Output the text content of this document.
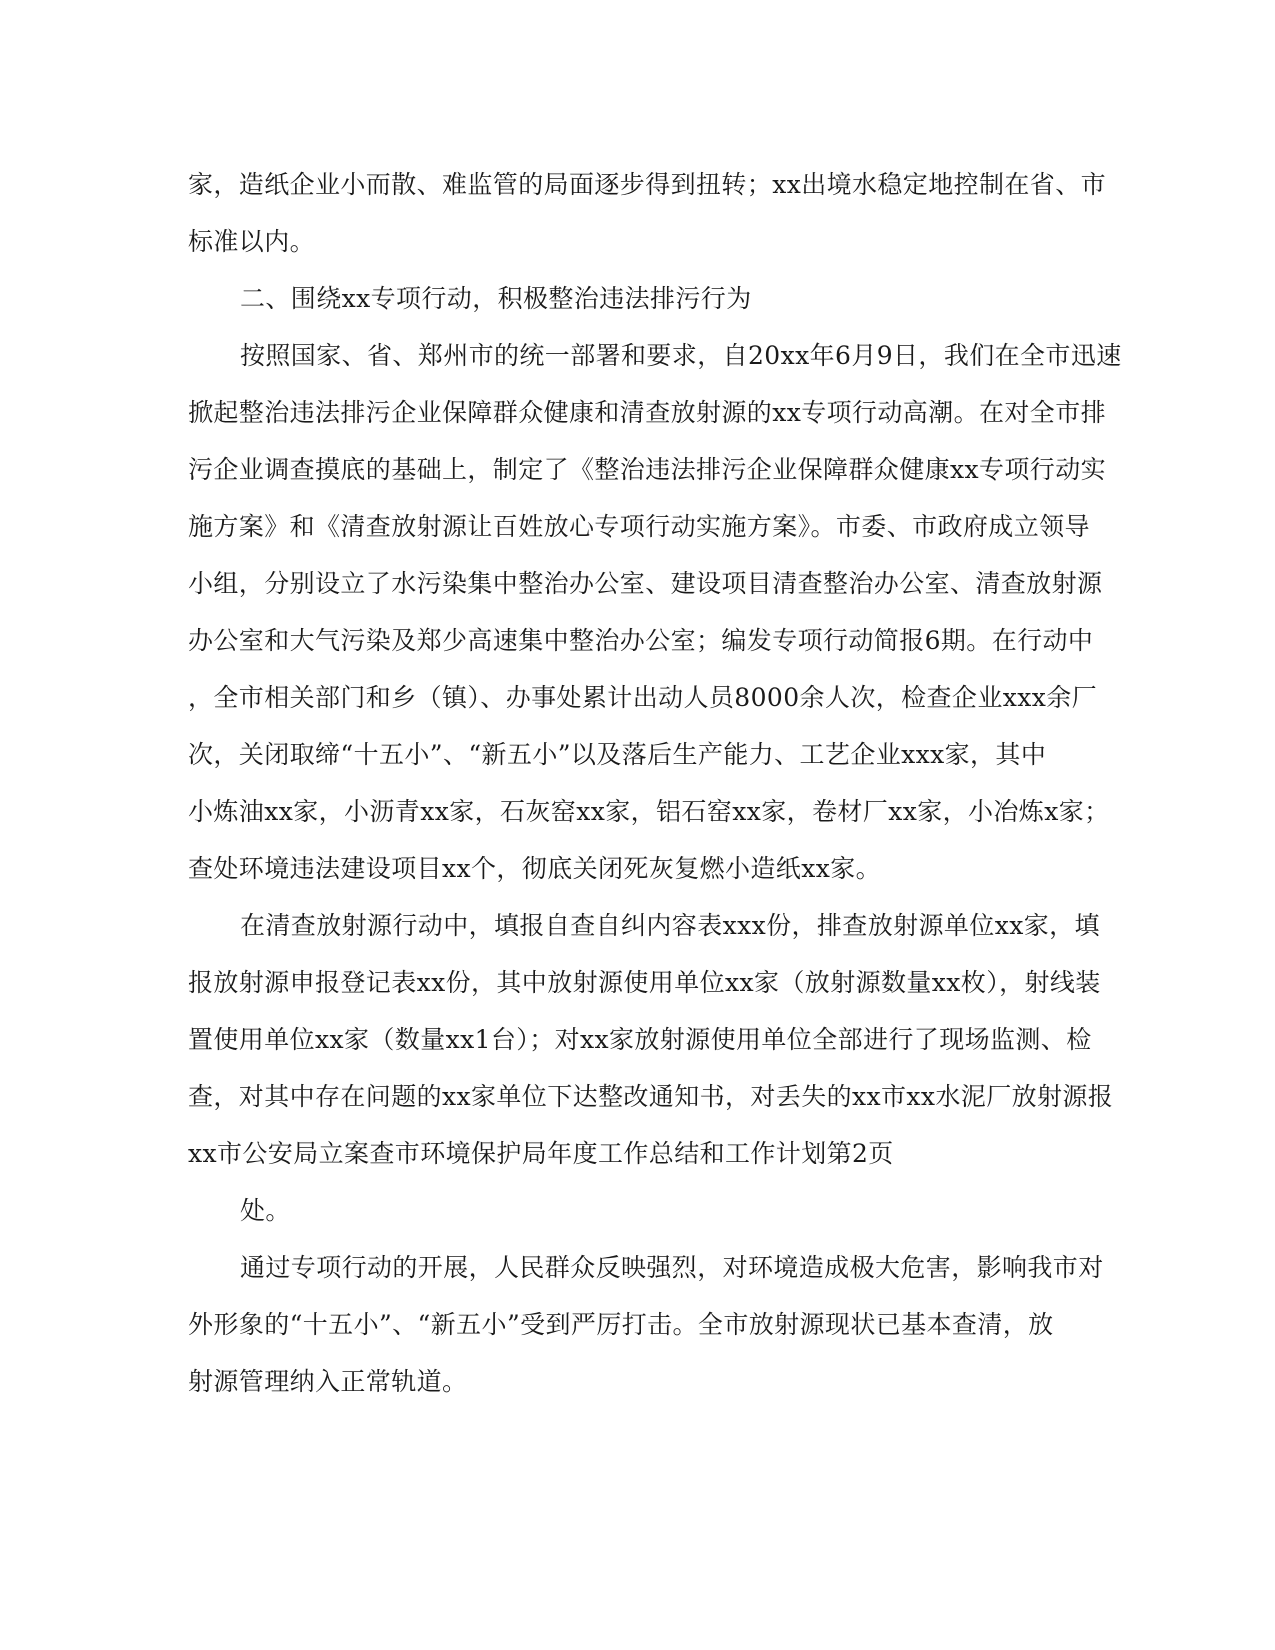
家，造纸企业小而散、难监管的局面逐步得到扭转；xx出境水稳定地控制在省、市
标准以内。
二、围绕xx专项行动，积极整治违法排污行为
按照国家、省、郑州市的统一部署和要求，自20xx年6月9日，我们在全市迅速
掀起整治违法排污企业保障群众健康和清查放射源的xx专项行动高潮。在对全市排
污企业调查摸底的基础上，制定了《整治违法排污企业保障群众健康xx专项行动实
施方案》和《清查放射源让百姓放心专项行动实施方案》。市委、市政府成立领导
小组，分别设立了水污染集中整治办公室、建设项目清查整治办公室、清查放射源
办公室和大气污染及郑少高速集中整治办公室；编发专项行动简报6期。在行动中
，全市相关部门和乡（镇）、办事处累计出动人员8000余人次，检查企业xxx余厂
次，关闭取缔“十五小”、“新五小”以及落后生产能力、工艺企业xxx家，其中
小炼油xx家，小沥青xx家，石灰窑xx家，铝石窑xx家，卷材厂xx家，小冶炼x家；
查处环境违法建设项目xx个，彻底关闭死灰复燃小造纸xx家。
在清查放射源行动中，填报自查自纠内容表xxx份，排查放射源单位xx家，填
报放射源申报登记表xx份，其中放射源使用单位xx家（放射源数量xx枚），射线装
置使用单位xx家（数量xx1台）；对xx家放射源使用单位全部进行了现场监测、检
查，对其中存在问题的xx家单位下达整改通知书，对丢失的xx市xx水泥厂放射源报
xx市公安局立案查市环境保护局年度工作总结和工作计划第2页
处。
通过专项行动的开展，人民群众反映强烈，对环境造成极大危害，影响我市对
外形象的“十五小”、“新五小”受到严厉打击。全市放射源现状已基本查清，放
射源管理纳入正常轨道。
